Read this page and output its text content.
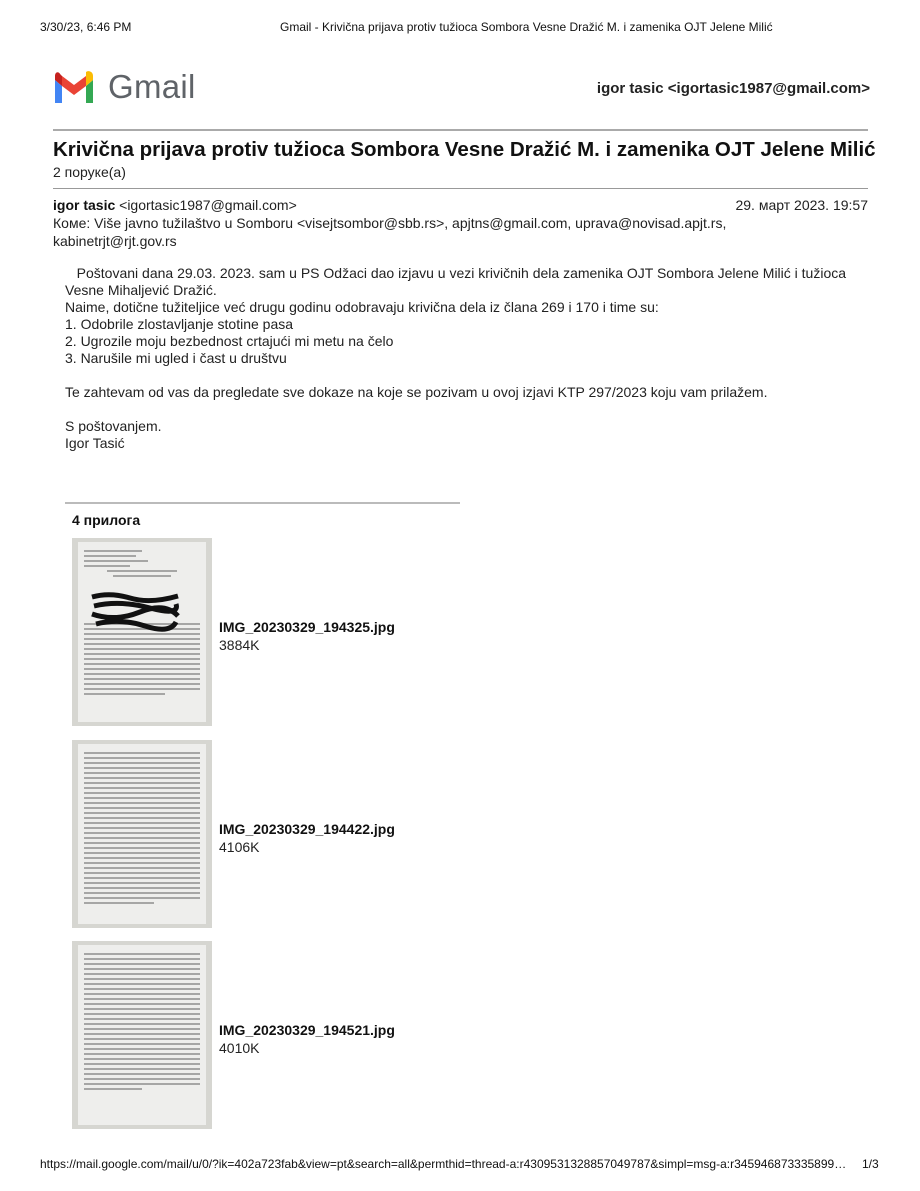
3/30/23, 6:46 PM	Gmail - Krivična prijava protiv tužioca Sombora Vesne Dražić M. i zamenika OJT Jelene Milić
Gmail	igor tasic <igortasic1987@gmail.com>
Krivična prijava protiv tužioca Sombora Vesne Dražić M. i zamenika OJT Jelene Milić
2 поруке(а)
igor tasic <igortasic1987@gmail.com>	29. март 2023. 19:57
Коме: Više javno tužilaštvo u Somboru <visejtsombor@sbb.rs>, apjtns@gmail.com, uprava@novisad.apjt.rs, kabinetrjt@rjt.gov.rs

Poštovani dana 29.03. 2023. sam u PS Odžaci dao izjavu u vezi krivičnih dela zamenika OJT Sombora Jelene Milić i tužioca Vesne Mihaljević Dražić.

Naime, dotične tužiteljice već drugu godinu odobravaju krivična dela iz člana 269 i 170 i time su:

1. Odobrile zlostavljanje stotine pasa

2. Ugrozile moju bezbednost crtajući mi metu na čelo

3. Narušile mi ugled i čast u društvu

Te zahtevam od vas da pregledate sve dokaze na koje se pozivam u ovoj izjavi KTP 297/2023 koju vam prilažem.

S poštovanjem.

Igor Tasić

4 прилога
IMG_20230329_194325.jpg
3884K
IMG_20230329_194422.jpg
4106K
IMG_20230329_194521.jpg
4010K
https://mail.google.com/mail/u/0/?ik=402a723fab&view=pt&search=all&permthid=thread-a:r4309531328857049787&simpl=msg-a:r345946873335899…	1/3
